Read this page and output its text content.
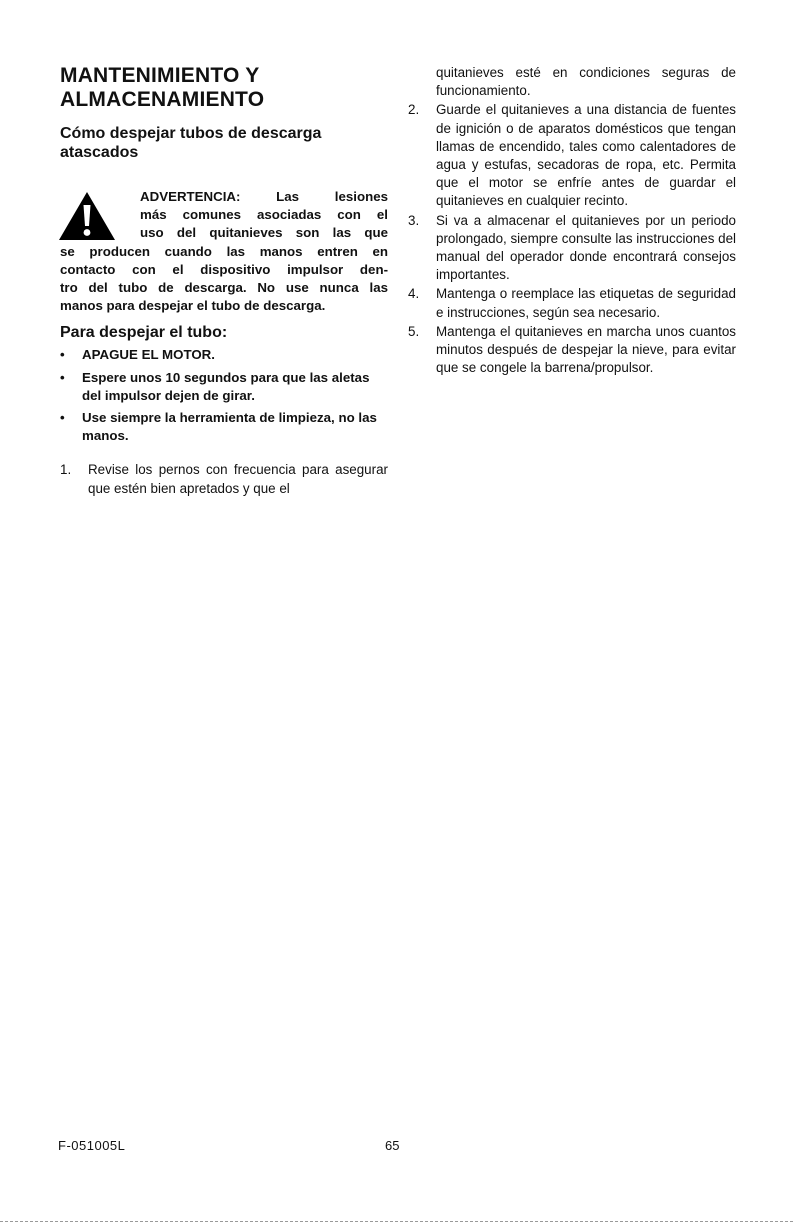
MANTENIMIENTO Y
ALMACENAMIENTO
Cómo despejar tubos de descarga
atascados
ADVERTENCIA: Las lesiones
más comunes asociadas con el
uso del quitanieves son las que
se producen cuando las manos entren en
contacto con el dispositivo impulsor den-
tro del tubo de descarga. No use nunca las
manos para despejar el tubo de descarga.
Para despejar el tubo:
• APAGUE EL MOTOR.
• Espere unos 10 segundos para que las aletas del impulsor dejen de girar.
• Use siempre la herramienta de limpieza, no las manos.
1. Revise los pernos con frecuencia para asegurar que estén bien apretados y que el
quitanieves esté en condiciones seguras de funcionamiento.
2. Guarde el quitanieves a una distancia de fuentes de ignición o de aparatos domésticos que tengan llamas de encendido, tales como calentadores de agua y estufas, secadoras de ropa, etc. Permita que el motor se enfríe antes de guardar el quitanieves en cualquier recinto.
3. Si va a almacenar el quitanieves por un periodo prolongado, siempre consulte las instrucciones del manual del operador donde encontrará consejos importantes.
4. Mantenga o reemplace las etiquetas de seguridad e instrucciones, según sea necesario.
5. Mantenga el quitanieves en marcha unos cuantos minutos después de despejar la nieve, para evitar que se congele la barrena/propulsor.
F-051005L	65
